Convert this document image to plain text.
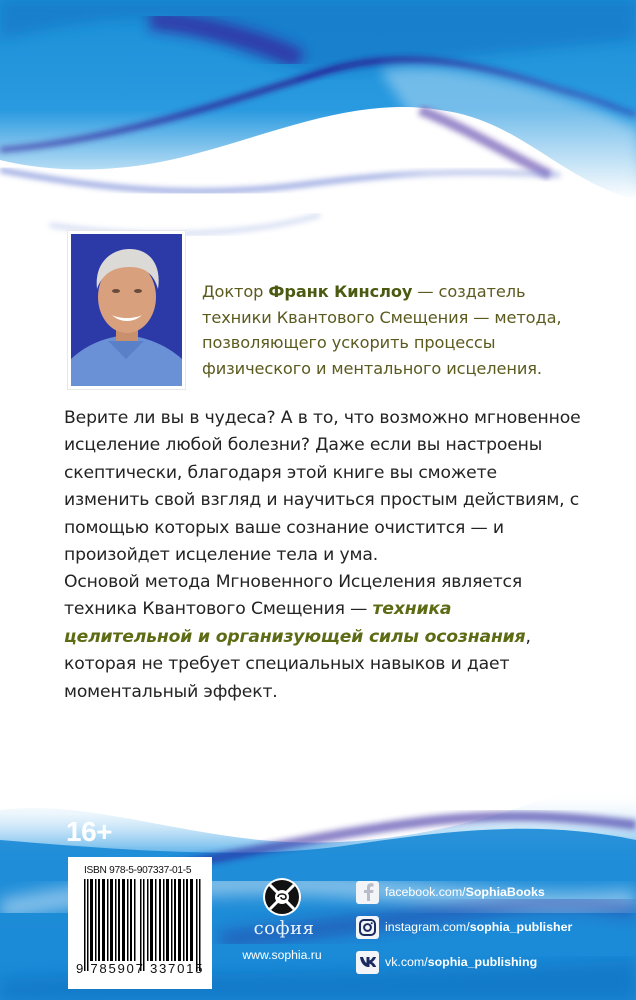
Доктор Франк Кинслоу — создатель техники Квантового Смещения — метода, позволяющего ускорить процессы физического и ментального исцеления.
Верите ли вы в чудеса? А в то, что возможно мгновенное исцеление любой болезни? Даже если вы настроены скептически, благодаря этой книге вы сможете изменить свой взгляд и научиться простым действиям, с помощью которых ваше сознание очистится — и произойдет исцеление тела и ума.
Основой метода Мгновенного Исцеления является техника Квантового Смещения — техника целительной и организующей силы осознания, которая не требует специальных навыков и дает моментальный эффект.
16+
ISBN 978-5-907337-01-5
9 785907 337015
софия
www.sophia.ru
facebook.com/ SophiaBooks
instagram.com/ sophia_publisher
vk.com/ sophia_publishing
